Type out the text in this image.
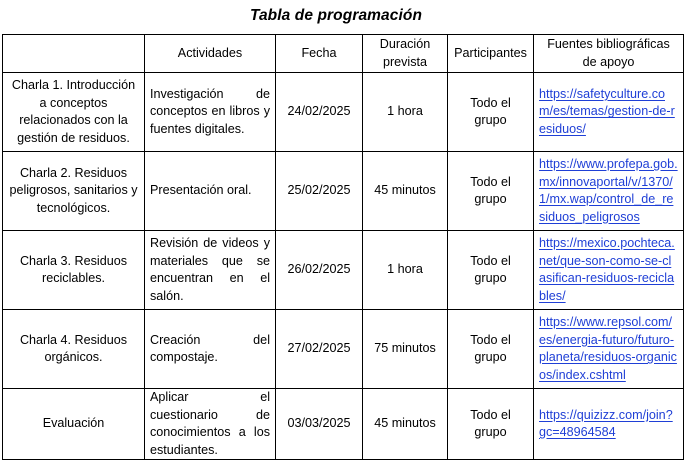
Tabla de programación
	Actividades	Fecha	Duración prevista	Participantes	Fuentes bibliográficas de apoyo
Charla 1. Introducción a conceptos relacionados con la gestión de residuos.	Investigación de conceptos en libros y fuentes digitales.	24/02/2025	1 hora	Todo el grupo	https://safetyculture.com/es/temas/gestion-de-residuos/
Charla 2. Residuos peligrosos, sanitarios y tecnológicos.	Presentación oral.	25/02/2025	45 minutos	Todo el grupo	https://www.profepa.gob.mx/innovaportal/v/1370/1/mx.wap/control_de_residuos_peligrosos
Charla 3. Residuos reciclables.	Revisión de videos y materiales que se encuentran en el salón.	26/02/2025	1 hora	Todo el grupo	https://mexico.pochteca.net/que-son-como-se-clasifican-residuos-reciclables/
Charla 4. Residuos orgánicos.	Creación del compostaje.	27/02/2025	75 minutos	Todo el grupo	https://www.repsol.com/es/energia-futuro/futuro-planeta/residuos-organicos/index.cshtml
Evaluación	Aplicar el cuestionario de conocimientos a los estudiantes.	03/03/2025	45 minutos	Todo el grupo	https://quizizz.com/join?gc=48964584
